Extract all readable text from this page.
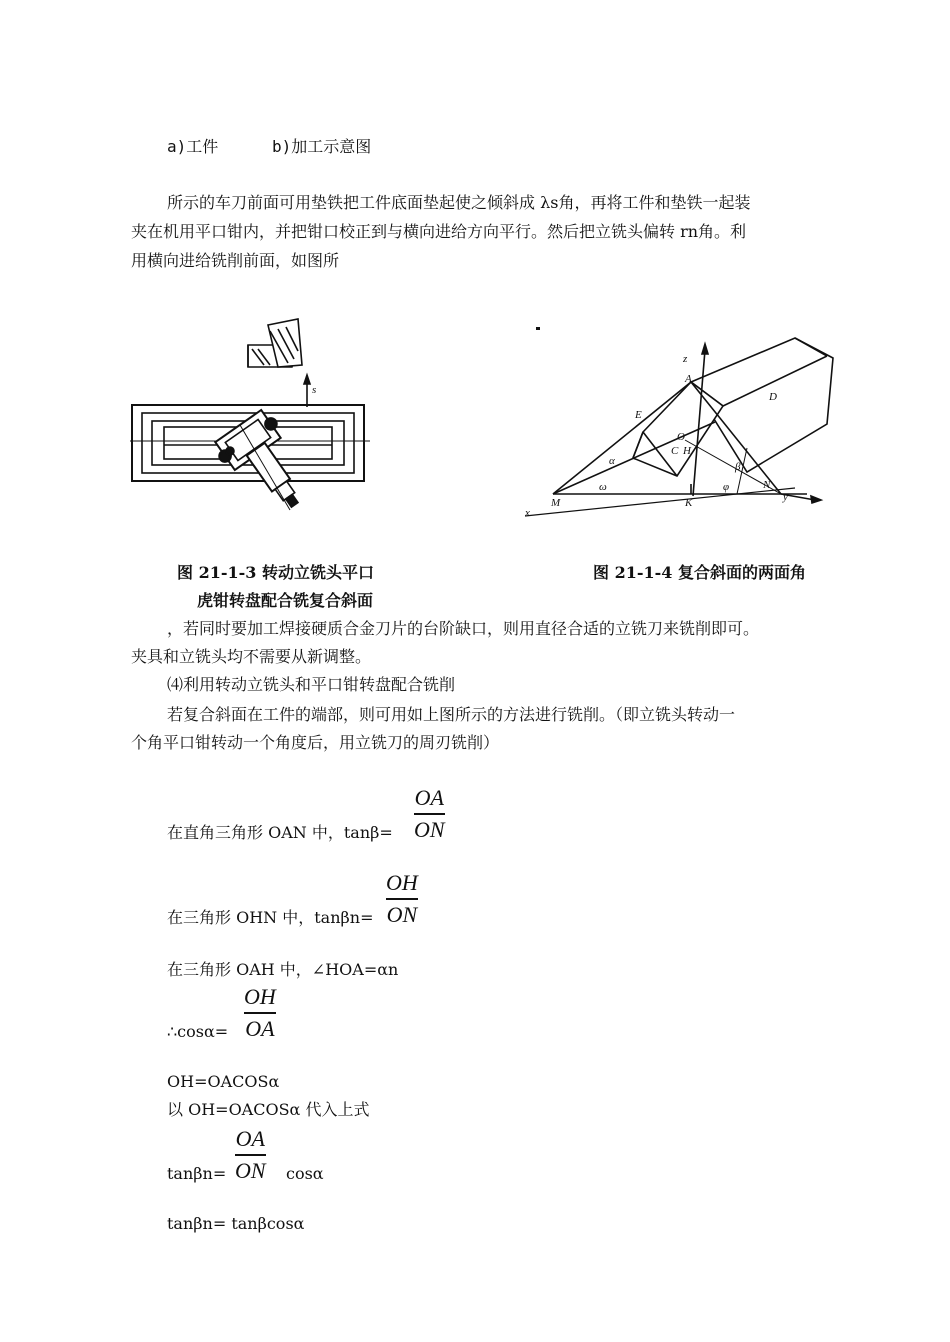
a)工件	b)加工示意图
所示的车刀前面可用垫铁把工件底面垫起使之倾斜成 λs角，再将工件和垫铁一起装
夹在机用平口钳内，并把钳口校正到与横向进给方向平行。然后把立铣头偏转 rn角。利
用横向进给铣削前面，如图所
s
z
A
D
E
O
C H
α	β
ω	φ
M	K
N
x
y
图 21-1-3 转动立铣头平口
虎钳转盘配合铣复合斜面
图 21-1-4 复合斜面的两面角
，若同时要加工焊接硬质合金刀片的台阶缺口，则用直径合适的立铣刀来铣削即可。
夹具和立铣头均不需要从新调整。
⑷利用转动立铣头和平口钳转盘配合铣削
若复合斜面在工件的端部，则可用如上图所示的方法进行铣削。（即立铣头转动一
个角平口钳转动一个角度后，用立铣刀的周刃铣削）
在直角三角形 OAN 中，tanβ=
OA
ON
在三角形 OHN 中，tanβn=
OH
ON
在三角形 OAH 中，∠HOA=αn
∴cosα=
OH
OA
OH=OACOSα
以 OH=OACOSα 代入上式
tanβn=
OA
ON cosα
tanβn= tanβcosα
